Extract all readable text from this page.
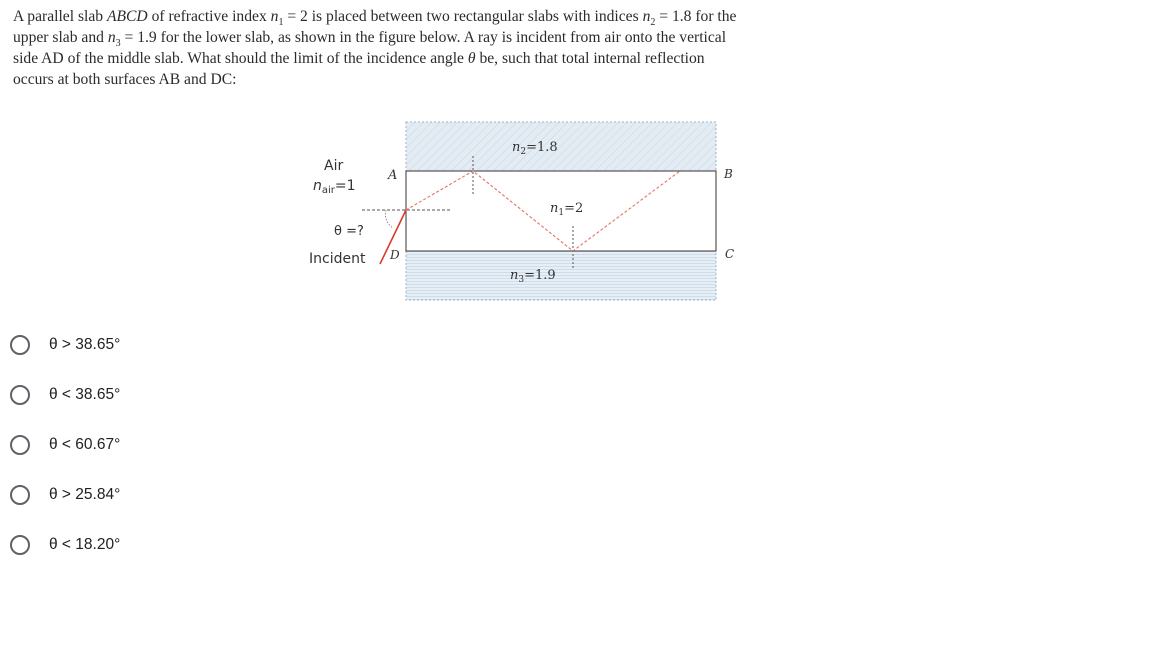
A parallel slab ABCD of refractive index $n_1 = 2$ is placed between two rectangular slabs with indices $n_2 = 1.8$ for the upper slab and $n_3 = 1.9$ for the lower slab, as shown in the figure below. A ray is incident from air onto the vertical side AD of the middle slab. What should the limit of the incidence angle θ be, such that total internal reflection occurs at both surfaces AB and DC:

Air
$n_{air}=1$
θ =?
Incident
A	B
C
D
$n_2=1.8$
$n_1=2$
$n_3=1.9$
θ > 38.65°
θ < 38.65°
θ < 60.67°
θ > 25.84°
θ < 18.20°
